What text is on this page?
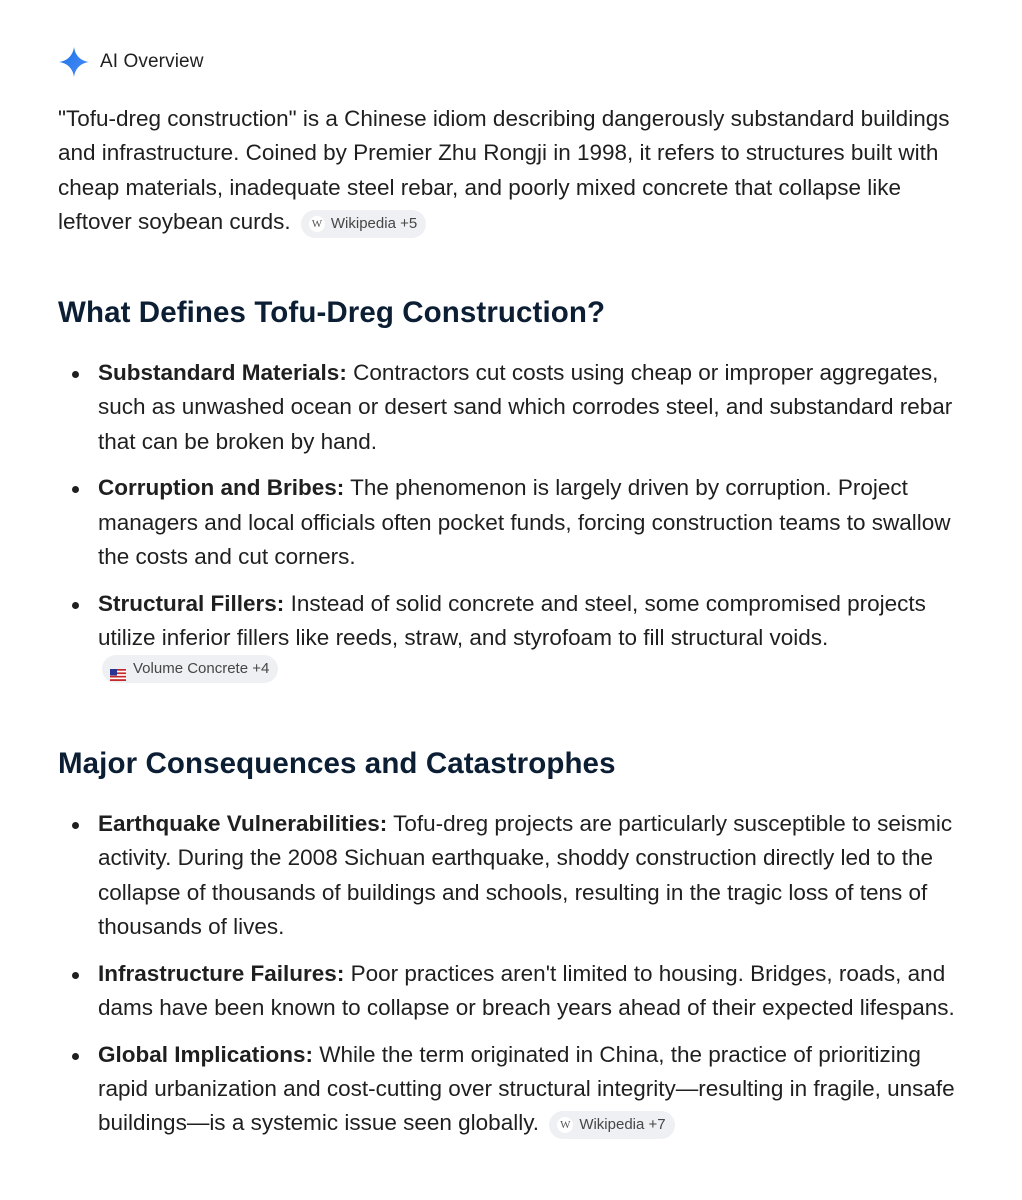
AI Overview

"Tofu-dreg construction" is a Chinese idiom describing dangerously substandard buildings and infrastructure. Coined by Premier Zhu Rongji in 1998, it refers to structures built with cheap materials, inadequate steel rebar, and poorly mixed concrete that collapse like leftover soybean curds. W Wikipedia +5

What Defines Tofu-Dreg Construction?
Substandard Materials: Contractors cut costs using cheap or improper aggregates, such as unwashed ocean or desert sand which corrodes steel, and substandard rebar that can be broken by hand.
Corruption and Bribes: The phenomenon is largely driven by corruption. Project managers and local officials often pocket funds, forcing construction teams to swallow the costs and cut corners.
Structural Fillers: Instead of solid concrete and steel, some compromised projects utilize inferior fillers like reeds, straw, and styrofoam to fill structural voids.
Volume Concrete +4
Major Consequences and Catastrophes
Earthquake Vulnerabilities: Tofu-dreg projects are particularly susceptible to seismic activity. During the 2008 Sichuan earthquake, shoddy construction directly led to the collapse of thousands of buildings and schools, resulting in the tragic loss of tens of thousands of lives.
Infrastructure Failures: Poor practices aren't limited to housing. Bridges, roads, and dams have been known to collapse or breach years ahead of their expected lifespans.
Global Implications: While the term originated in China, the practice of prioritizing rapid urbanization and cost-cutting over structural integrity—resulting in fragile, unsafe buildings—is a systemic issue seen globally. W Wikipedia +7
